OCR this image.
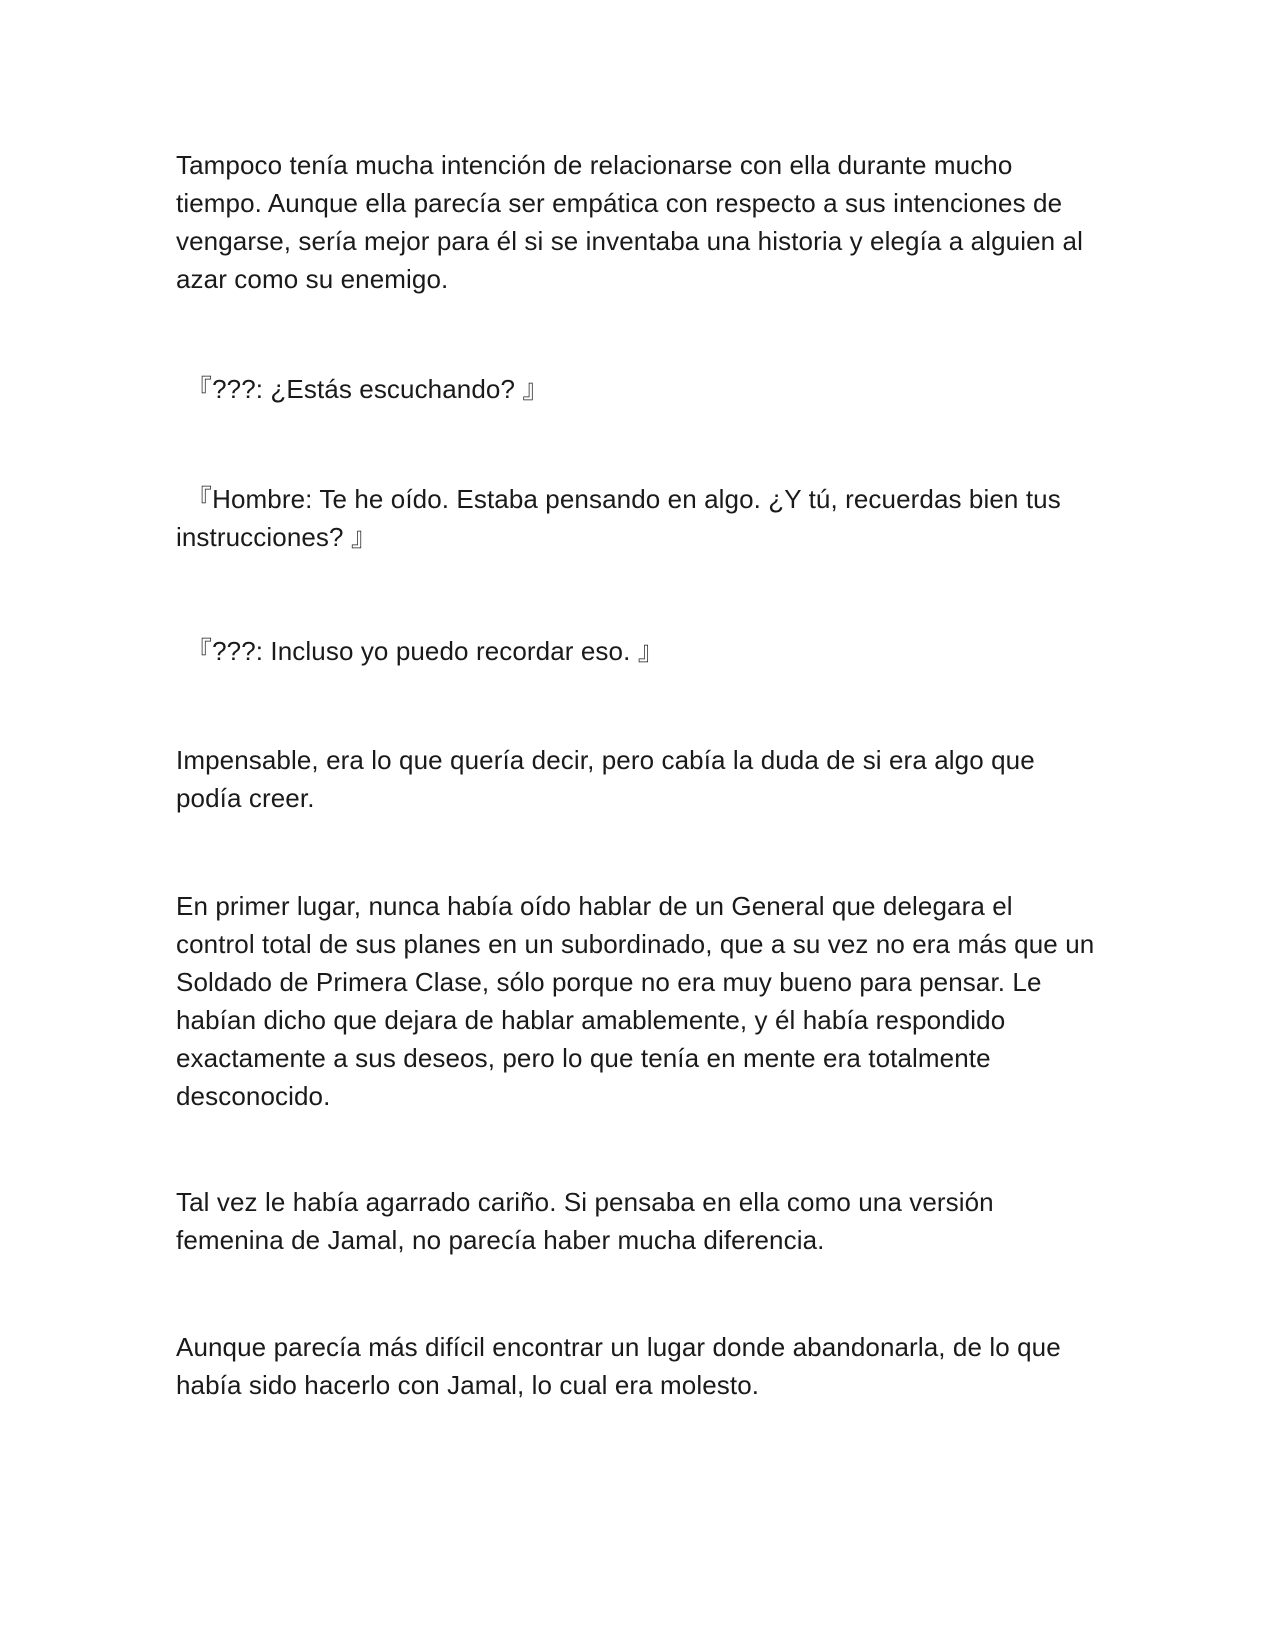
Tampoco tenía mucha intención de relacionarse con ella durante mucho tiempo. Aunque ella parecía ser empática con respecto a sus intenciones de vengarse, sería mejor para él si se inventaba una historia y elegía a alguien al azar como su enemigo.

『???: ¿Estás escuchando? 』

『Hombre: Te he oído. Estaba pensando en algo. ¿Y tú, recuerdas bien tus instrucciones? 』

『???: Incluso yo puedo recordar eso. 』

Impensable, era lo que quería decir, pero cabía la duda de si era algo que podía creer.

En primer lugar, nunca había oído hablar de un General que delegara el control total de sus planes en un subordinado, que a su vez no era más que un Soldado de Primera Clase, sólo porque no era muy bueno para pensar. Le habían dicho que dejara de hablar amablemente, y él había respondido exactamente a sus deseos, pero lo que tenía en mente era totalmente desconocido.

Tal vez le había agarrado cariño. Si pensaba en ella como una versión femenina de Jamal, no parecía haber mucha diferencia.

Aunque parecía más difícil encontrar un lugar donde abandonarla, de lo que había sido hacerlo con Jamal, lo cual era molesto.
